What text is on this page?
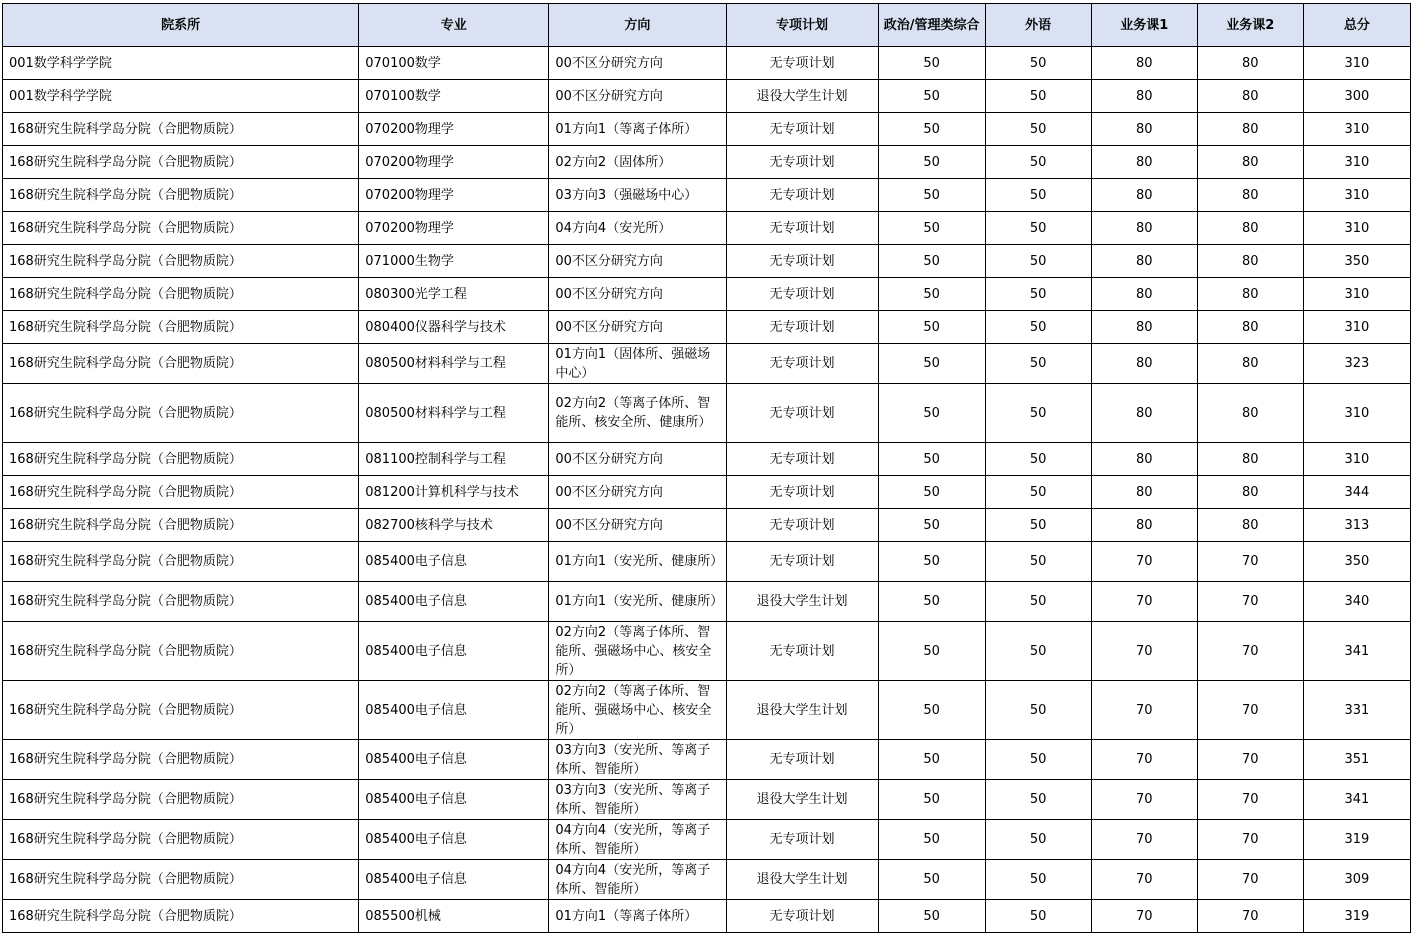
院系所	专业	方向	专项计划	政治/管理类综合	外语	业务课1	业务课2	总分
001数学科学学院	070100数学	00不区分研究方向	无专项计划	50	50	80	80	310
001数学科学学院	070100数学	00不区分研究方向	退役大学生计划	50	50	80	80	300
168研究生院科学岛分院（合肥物质院）	070200物理学	01方向1（等离子体所）	无专项计划	50	50	80	80	310
168研究生院科学岛分院（合肥物质院）	070200物理学	02方向2（固体所）	无专项计划	50	50	80	80	310
168研究生院科学岛分院（合肥物质院）	070200物理学	03方向3（强磁场中心）	无专项计划	50	50	80	80	310
168研究生院科学岛分院（合肥物质院）	070200物理学	04方向4（安光所）	无专项计划	50	50	80	80	310
168研究生院科学岛分院（合肥物质院）	071000生物学	00不区分研究方向	无专项计划	50	50	80	80	350
168研究生院科学岛分院（合肥物质院）	080300光学工程	00不区分研究方向	无专项计划	50	50	80	80	310
168研究生院科学岛分院（合肥物质院）	080400仪器科学与技术	00不区分研究方向	无专项计划	50	50	80	80	310
168研究生院科学岛分院（合肥物质院）	080500材料科学与工程	01方向1（固体所、强磁场中心）	无专项计划	50	50	80	80	323
168研究生院科学岛分院（合肥物质院）	080500材料科学与工程	02方向2（等离子体所、智能所、核安全所、健康所）	无专项计划	50	50	80	80	310
168研究生院科学岛分院（合肥物质院）	081100控制科学与工程	00不区分研究方向	无专项计划	50	50	80	80	310
168研究生院科学岛分院（合肥物质院）	081200计算机科学与技术	00不区分研究方向	无专项计划	50	50	80	80	344
168研究生院科学岛分院（合肥物质院）	082700核科学与技术	00不区分研究方向	无专项计划	50	50	80	80	313
168研究生院科学岛分院（合肥物质院）	085400电子信息	01方向1（安光所、健康所）	无专项计划	50	50	70	70	350
168研究生院科学岛分院（合肥物质院）	085400电子信息	01方向1（安光所、健康所）	退役大学生计划	50	50	70	70	340
168研究生院科学岛分院（合肥物质院）	085400电子信息	02方向2（等离子体所、智能所、强磁场中心、核安全所）	无专项计划	50	50	70	70	341
168研究生院科学岛分院（合肥物质院）	085400电子信息	02方向2（等离子体所、智能所、强磁场中心、核安全所）	退役大学生计划	50	50	70	70	331
168研究生院科学岛分院（合肥物质院）	085400电子信息	03方向3（安光所、等离子体所、智能所）	无专项计划	50	50	70	70	351
168研究生院科学岛分院（合肥物质院）	085400电子信息	03方向3（安光所、等离子体所、智能所）	退役大学生计划	50	50	70	70	341
168研究生院科学岛分院（合肥物质院）	085400电子信息	04方向4（安光所，等离子体所、智能所）	无专项计划	50	50	70	70	319
168研究生院科学岛分院（合肥物质院）	085400电子信息	04方向4（安光所，等离子体所、智能所）	退役大学生计划	50	50	70	70	309
168研究生院科学岛分院（合肥物质院）	085500机械	01方向1（等离子体所）	无专项计划	50	50	70	70	319
